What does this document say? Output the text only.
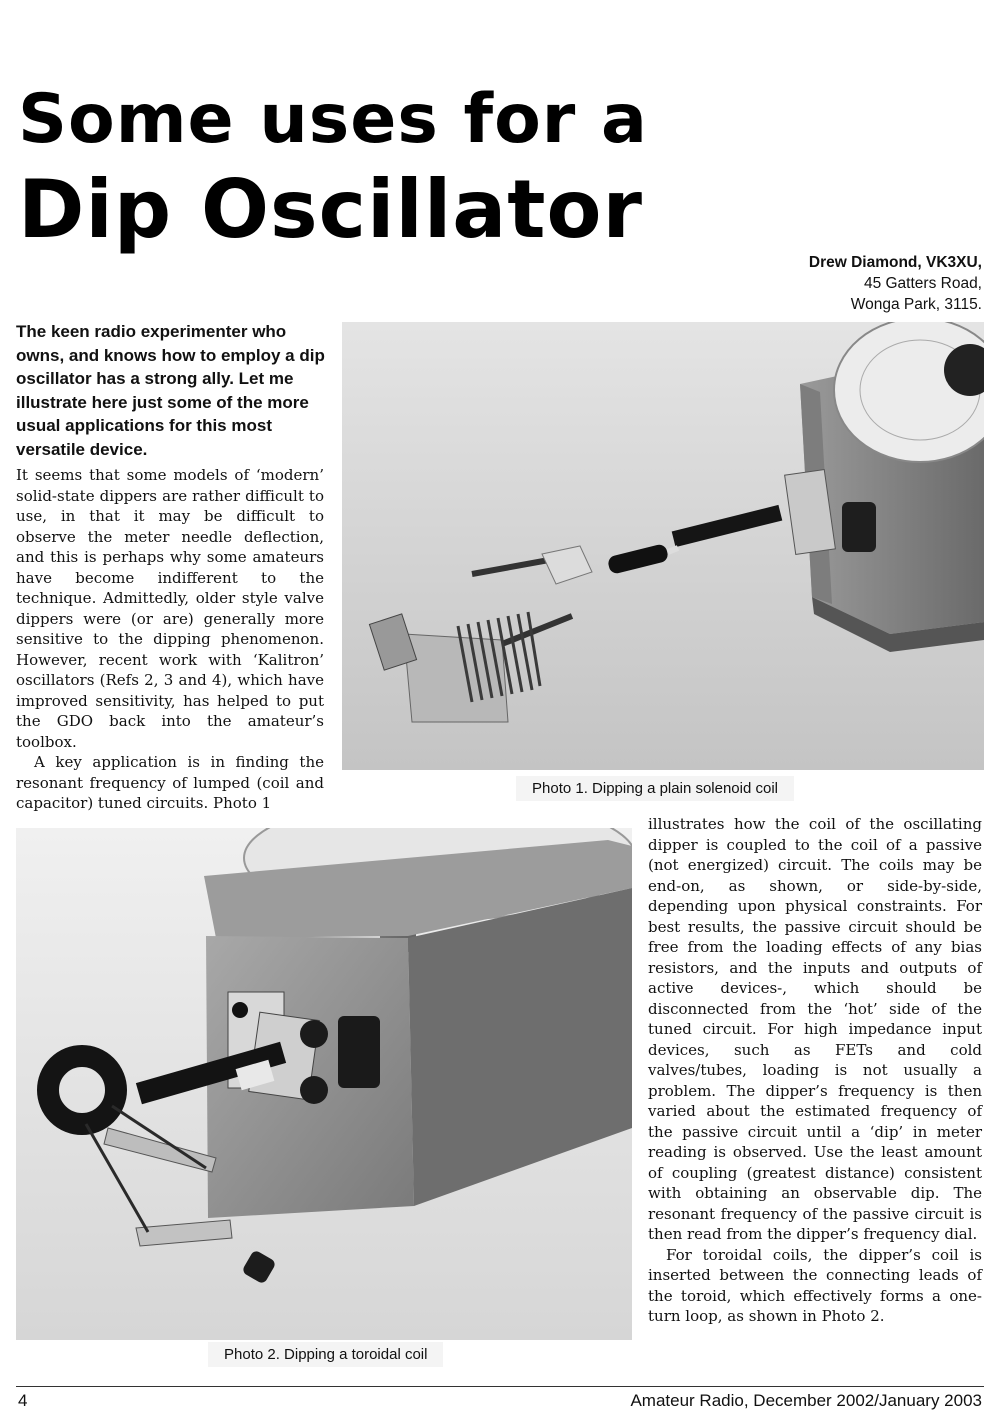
Some uses for a
Dip Oscillator
Drew Diamond, VK3XU,
45 Gatters Road,
Wonga Park, 3115.

The keen radio experimenter who owns, and knows how to employ a dip oscillator has a strong ally. Let me illustrate here just some of the more usual applications for this most versatile device.

It seems that some models of ‘modern’ solid-state dippers are rather difficult to use, in that it may be difficult to observe the meter needle deflection, and this is perhaps why some amateurs have become indifferent to the technique. Admittedly, older style valve dippers were (or are) generally more sensitive to the dipping phenomenon. However, recent work with ‘Kalitron’ oscillators (Refs 2, 3 and 4), which have improved sensitivity, has helped to put the GDO back into the amateur’s toolbox.

A key application is in finding the resonant frequency of lumped (coil and capacitor) tuned circuits. Photo 1

Photo 1. Dipping a plain solenoid coil
Photo 2. Dipping a toroidal coil

illustrates how the coil of the oscillating dipper is coupled to the coil of a passive (not energized) circuit. The coils may be end-on, as shown, or side-by-side, depending upon physical constraints. For best results, the passive circuit should be free from the loading effects of any bias resistors, and the inputs and outputs of active devices-, which should be disconnected from the ‘hot’ side of the tuned circuit. For high impedance input devices, such as FETs and cold valves/tubes, loading is not usually a problem. The dipper’s frequency is then varied about the estimated frequency of the passive circuit until a ‘dip’ in meter reading is observed. Use the least amount of coupling (greatest distance) consistent with obtaining an observable dip. The resonant frequency of the passive circuit is then read from the dipper’s frequency dial.

For toroidal coils, the dipper’s coil is inserted between the connecting leads of the toroid, which effectively forms a one-turn loop, as shown in Photo 2.

4	Amateur Radio, December 2002/January 2003
